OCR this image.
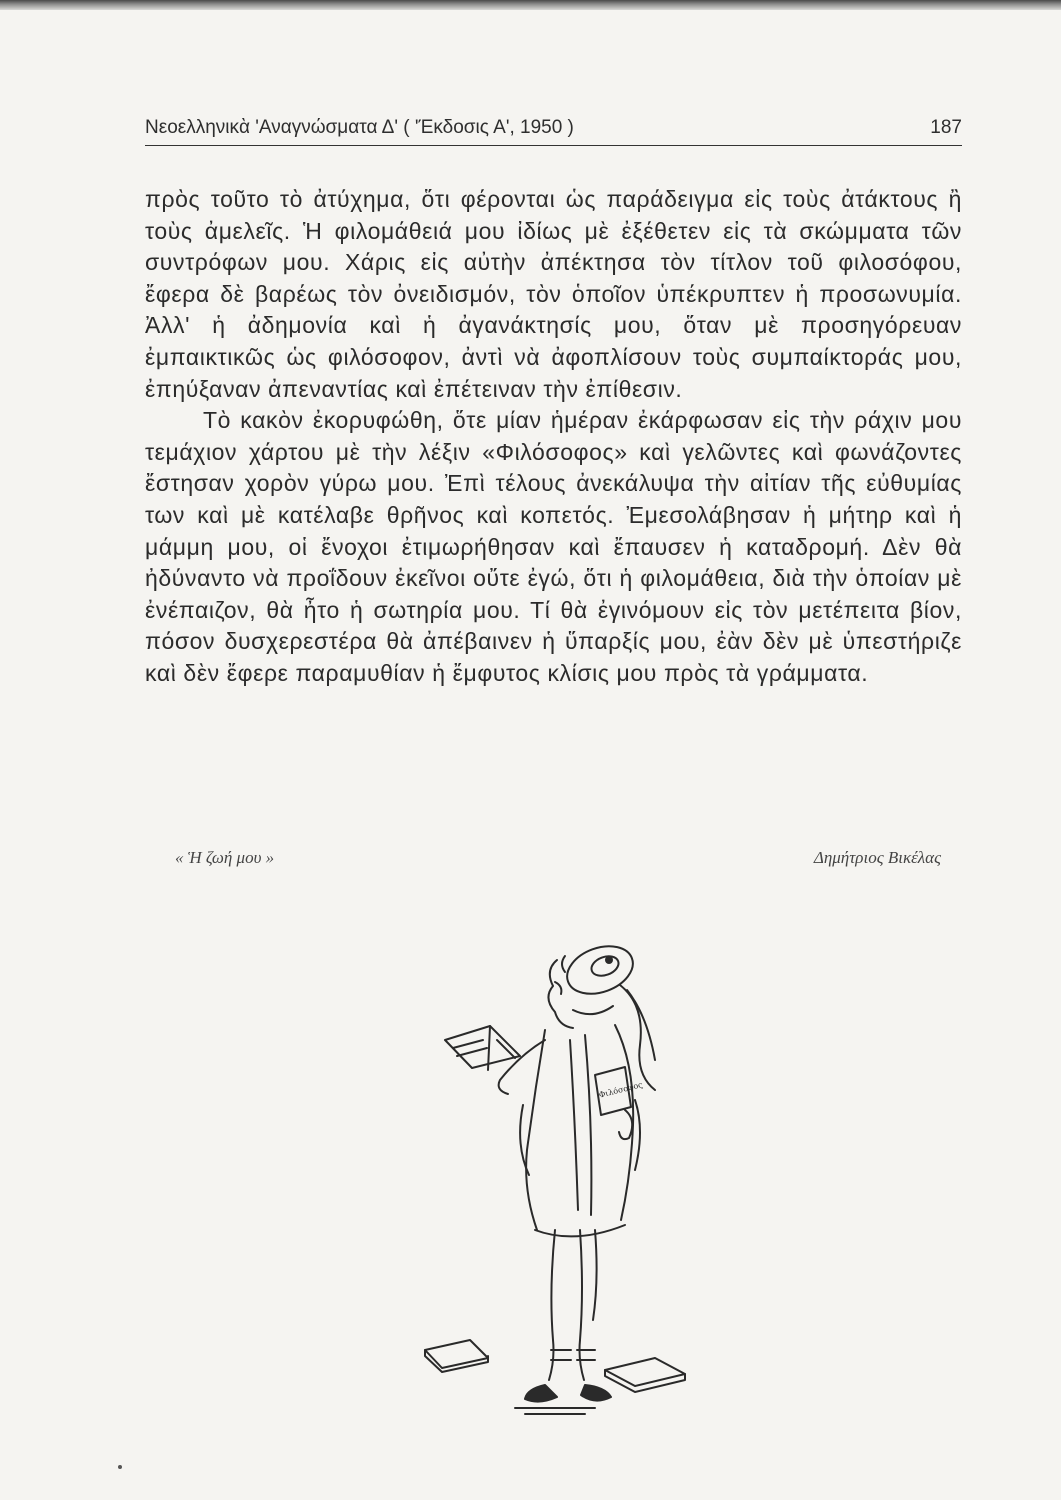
Νεοελληνικὰ 'Αναγνώσματα Δ' ( 'Έκδοσις Α', 1950 )	187

πρὸς τοῦτο τὸ ἀτύχημα, ὅτι φέρονται ὡς παράδειγμα εἰς τοὺς ἀτάκτους ἢ τοὺς ἀμελεῖς. Ἡ φιλομάθειά μου ἰδίως μὲ ἐξέθετεν εἰς τὰ σκώμματα τῶν συντρόφων μου. Χάρις εἰς αὐτὴν ἀπέκτησα τὸν τίτλον τοῦ φιλοσόφου, ἔφερα δὲ βαρέως τὸν ὀνειδισμόν, τὸν ὁποῖον ὑπέκρυπτεν ἡ προσωνυμία. Ἀλλ' ἡ ἀδημονία καὶ ἡ ἀγανάκτησίς μου, ὅταν μὲ προσηγόρευαν ἐμπαικτικῶς ὡς φιλόσοφον, ἀντὶ νὰ ἀφοπλίσουν τοὺς συμπαίκτοράς μου, ἐπηύξαναν ἀπεναντίας καὶ ἐπέτειναν τὴν ἐπίθεσιν.

Τὸ κακὸν ἐκορυφώθη, ὅτε μίαν ἡμέραν ἐκάρφωσαν εἰς τὴν ράχιν μου τεμάχιον χάρτου μὲ τὴν λέξιν «Φιλόσοφος» καὶ γελῶντες καὶ φωνάζοντες ἔστησαν χορὸν γύρω μου. Ἐπὶ τέλους ἀνεκάλυψα τὴν αἰτίαν τῆς εὐθυμίας των καὶ μὲ κατέλαβε θρῆνος καὶ κοπετός. Ἐμεσολάβησαν ἡ μήτηρ καὶ ἡ μάμμη μου, οἱ ἔνοχοι ἐτιμωρήθησαν καὶ ἔπαυσεν ἡ καταδρομή. Δὲν θὰ ἠδύναντο νὰ προΐδουν ἐκεῖνοι οὔτε ἐγώ, ὅτι ἡ φιλομάθεια, διὰ τὴν ὁποίαν μὲ ἐνέπαιζον, θὰ ἦτο ἡ σωτηρία μου. Τί θὰ ἐγινόμουν εἰς τὸν μετέπειτα βίον, πόσον δυσχερεστέρα θὰ ἀπέβαινεν ἡ ὕπαρξίς μου, ἐὰν δὲν μὲ ὑπεστήριζε καὶ δὲν ἔφερε παραμυθίαν ἡ ἔμφυτος κλίσις μου πρὸς τὰ γράμματα.

« Ἡ ζωή μου »	Δημήτριος Βικέλας
Φιλόσοφος
